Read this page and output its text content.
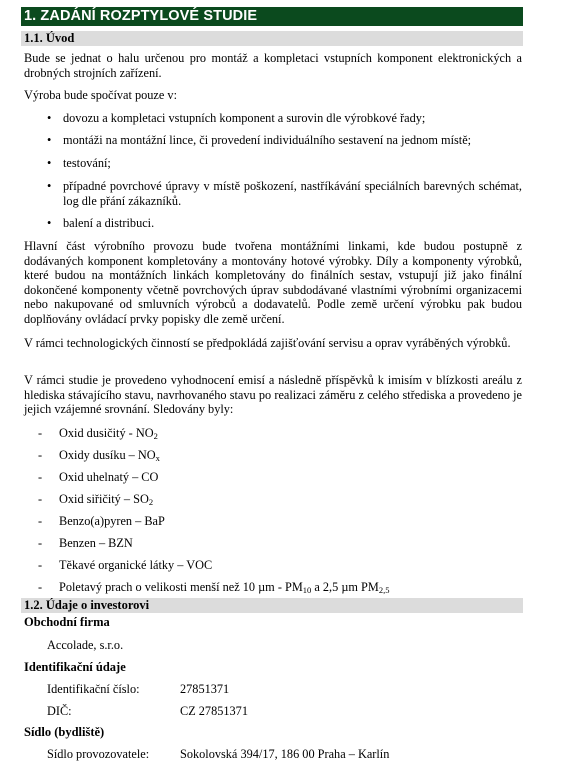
1. ZADÁNÍ ROZPTYLOVÉ STUDIE
1.1. Úvod
Bude se jednat o halu určenou pro montáž a kompletaci vstupních komponent elektronických a drobných strojních zařízení.
Výroba bude spočívat pouze v:
• dovozu a kompletaci vstupních komponent a surovin dle výrobkové řady;
• montáži na montážní lince, či provedení individuálního sestavení na jednom místě;
• testování;
• případné povrchové úpravy v místě poškození, nastříkávání speciálních barevných schémat, log dle přání zákazníků.
• balení a distribuci.
Hlavní část výrobního provozu bude tvořena montážními linkami, kde budou postupně z dodávaných komponent kompletovány a montovány hotové výrobky. Díly a komponenty výrobků, které budou na montážních linkách kompletovány do finálních sestav, vstupují již jako finální dokončené komponenty včetně povrchových úprav subdodávané vlastními výrobními organizacemi nebo nakupované od smluvních výrobců a dodavatelů. Podle země určení výrobku pak budou doplňovány ovládací prvky popisky dle země určení.
V rámci technologických činností se předpokládá zajišťování servisu a oprav vyráběných výrobků.
V rámci studie je provedeno vyhodnocení emisí a následně příspěvků k imisím v blízkosti areálu z hlediska stávajícího stavu, navrhovaného stavu po realizaci záměru z celého střediska a provedeno je jejich vzájemné srovnání. Sledovány byly:
- Oxid dusičitý - $NO_2$
- Oxidy dusíku – $NO_x$
- Oxid uhelnatý – CO
- Oxid siřičitý – $SO_2$
- Benzo(a)pyren – BaP
- Benzen – BZN
- Těkavé organické látky – VOC
- Poletavý prach o velikosti menší než 10 µm - $PM_{10}$ a 2,5 µm $PM_{2,5}$
1.2. Údaje o investorovi
Obchodní firma
Accolade, s.r.o.
Identifikační údaje
Identifikační číslo:	27851371
DIČ:	CZ 27851371
Sídlo (bydliště)
Sídlo provozovatele:	Sokolovská 394/17, 186 00 Praha – Karlín
